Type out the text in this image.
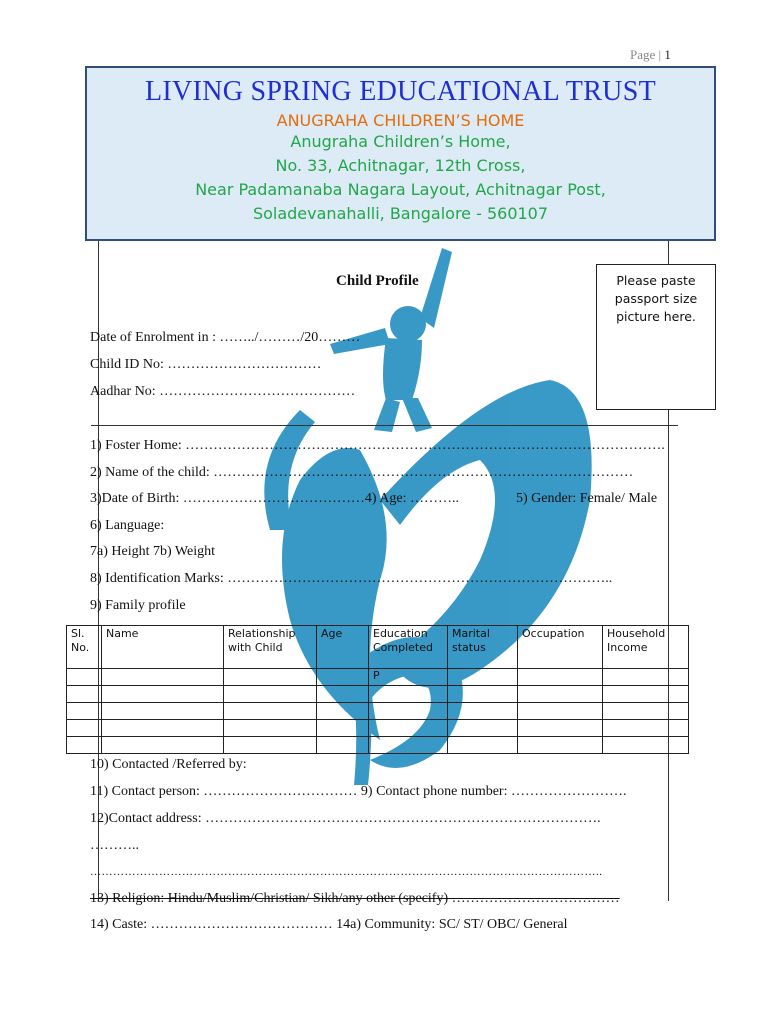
Page | 1
LIVING SPRING EDUCATIONAL TRUST
ANUGRAHA CHILDREN’S HOME
Anugraha Children’s Home,
No. 33, Achitnagar, 12th Cross,
Near Padamanaba Nagara Layout, Achitnagar Post,
Soladevanahalli, Bangalore - 560107
Please paste
passport size
picture here.
Child Profile
Date of Enrolment in : ……../………/20………
Child ID No: ……………………………
Aadhar No: ……………………………………
1) Foster Home: ………………………………………………………………………………………….
2) Name of the child: ………………………………………………………………………………
3)Date of Birth: …………………………………4) Age: ………..	5) Gender: Female/ Male
6) Language:
7a) Height 7b) Weight
8) Identification Marks: ………………………………………………………………………..
9) Family profile
Sl. No.	Name	Relationship with Child	Age	Education Completed	Marital status	Occupation	Household Income
				P			

10) Contacted /Referred by:
11) Contact person: …………………………… 9) Contact phone number: …………………….
12)Contact address: ………………………………………………………………………….
………..
……………………………………………………………………………………………………………………..
13) Religion: Hindu/Muslim/Christian/ Sikh/any other (specify) ………………………………
14) Caste: ………………………………… 14a) Community: SC/ ST/ OBC/ General
